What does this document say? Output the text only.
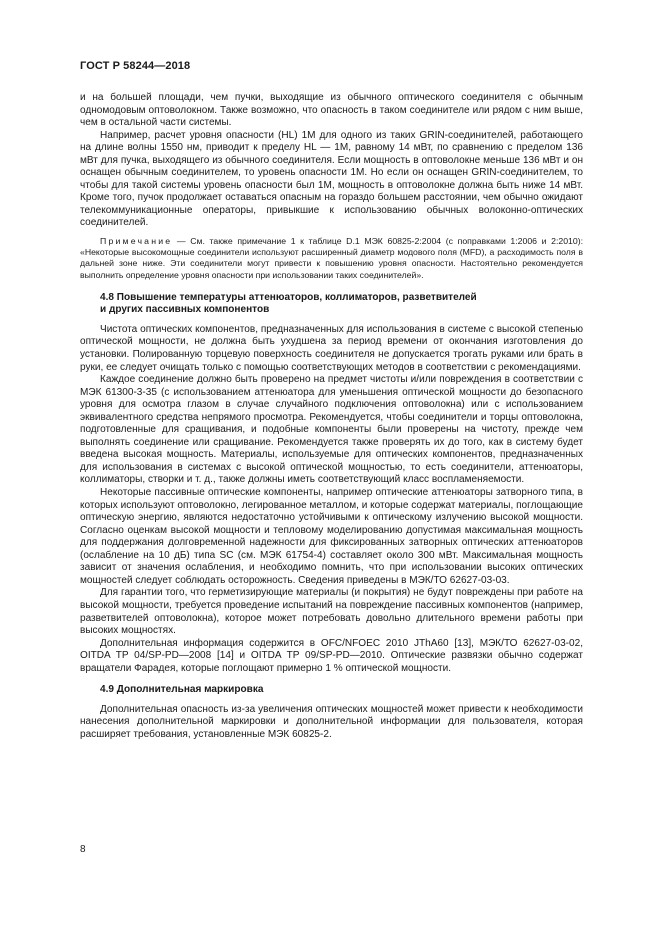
ГОСТ Р 58244—2018

и на большей площади, чем пучки, выходящие из обычного оптического соединителя с обычным одномодовым оптоволокном. Также возможно, что опасность в таком соединителе или рядом с ним выше, чем в остальной части системы.

Например, расчет уровня опасности (HL) 1М для одного из таких GRIN-соединителей, работающего на длине волны 1550 нм, приводит к пределу HL — 1М, равному 14 мВт, по сравнению с пределом 136 мВт для пучка, выходящего из обычного соединителя. Если мощность в оптоволокне меньше 136 мВт и он оснащен обычным соединителем, то уровень опасности 1М. Но если он оснащен GRIN-соединителем, то чтобы для такой системы уровень опасности был 1М, мощность в оптоволокне должна быть ниже 14 мВт. Кроме того, пучок продолжает оставаться опасным на гораздо большем расстоянии, чем обычно ожидают телекоммуникационные операторы, привыкшие к использованию обычных волоконно-оптических соединителей.

Примечание — См. также примечание 1 к таблице D.1 МЭК 60825-2:2004 (с поправками 1:2006 и 2:2010): «Некоторые высокомощные соединители используют расширенный диаметр модового поля (MFD), а расходимость поля в дальней зоне ниже. Эти соединители могут привести к повышению уровня опасности. Настоятельно рекомендуется выполнить определение уровня опасности при использовании таких соединителей».

4.8 Повышение температуры аттенюаторов, коллиматоров, разветвителей
и других пассивных компонентов

Чистота оптических компонентов, предназначенных для использования в системе с высокой степенью оптической мощности, не должна быть ухудшена за период времени от окончания изготовления до установки. Полированную торцевую поверхность соединителя не допускается трогать руками или брать в руки, ее следует очищать только с помощью соответствующих методов в соответствии с рекомендациями.

Каждое соединение должно быть проверено на предмет чистоты и/или повреждения в соответствии с МЭК 61300-3-35 (с использованием аттенюатора для уменьшения оптической мощности до безопасного уровня для осмотра глазом в случае случайного подключения оптоволокна) или с использованием эквивалентного средства непрямого просмотра. Рекомендуется, чтобы соединители и торцы оптоволокна, подготовленные для сращивания, и подобные компоненты были проверены на чистоту, прежде чем выполнять соединение или сращивание. Рекомендуется также проверять их до того, как в систему будет введена высокая мощность. Материалы, используемые для оптических компонентов, предназначенных для использования в системах с высокой оптической мощностью, то есть соединители, аттенюаторы, коллиматоры, створки и т. д., также должны иметь соответствующий класс воспламеняемости.

Некоторые пассивные оптические компоненты, например оптические аттенюаторы затворного типа, в которых используют оптоволокно, легированное металлом, и которые содержат материалы, поглощающие оптическую энергию, являются недостаточно устойчивыми к оптическому излучению высокой мощности. Согласно оценкам высокой мощности и тепловому моделированию допустимая максимальная мощность для поддержания долговременной надежности для фиксированных затворных оптических аттенюаторов (ослабление на 10 дБ) типа SC (см. МЭК 61754-4) составляет около 300 мВт. Максимальная мощность зависит от значения ослабления, и необходимо помнить, что при использовании высоких оптических мощностей следует соблюдать осторожность. Сведения приведены в МЭК/ТО 62627-03-03.

Для гарантии того, что герметизирующие материалы (и покрытия) не будут повреждены при работе на высокой мощности, требуется проведение испытаний на повреждение пассивных компонентов (например, разветвителей оптоволокна), которое может потребовать довольно длительного времени работы при высоких мощностях.

Дополнительная информация содержится в OFC/NFOEC 2010 JThA60 [13], МЭК/ТО 62627-03-02, OITDA TP 04/SP-PD—2008 [14] и OITDA TP 09/SP-PD—2010. Оптические развязки обычно содержат вращатели Фарадея, которые поглощают примерно 1 % оптической мощности.

4.9 Дополнительная маркировка

Дополнительная опасность из-за увеличения оптических мощностей может привести к необходимости нанесения дополнительной маркировки и дополнительной информации для пользователя, которая расширяет требования, установленные МЭК 60825-2.

8
